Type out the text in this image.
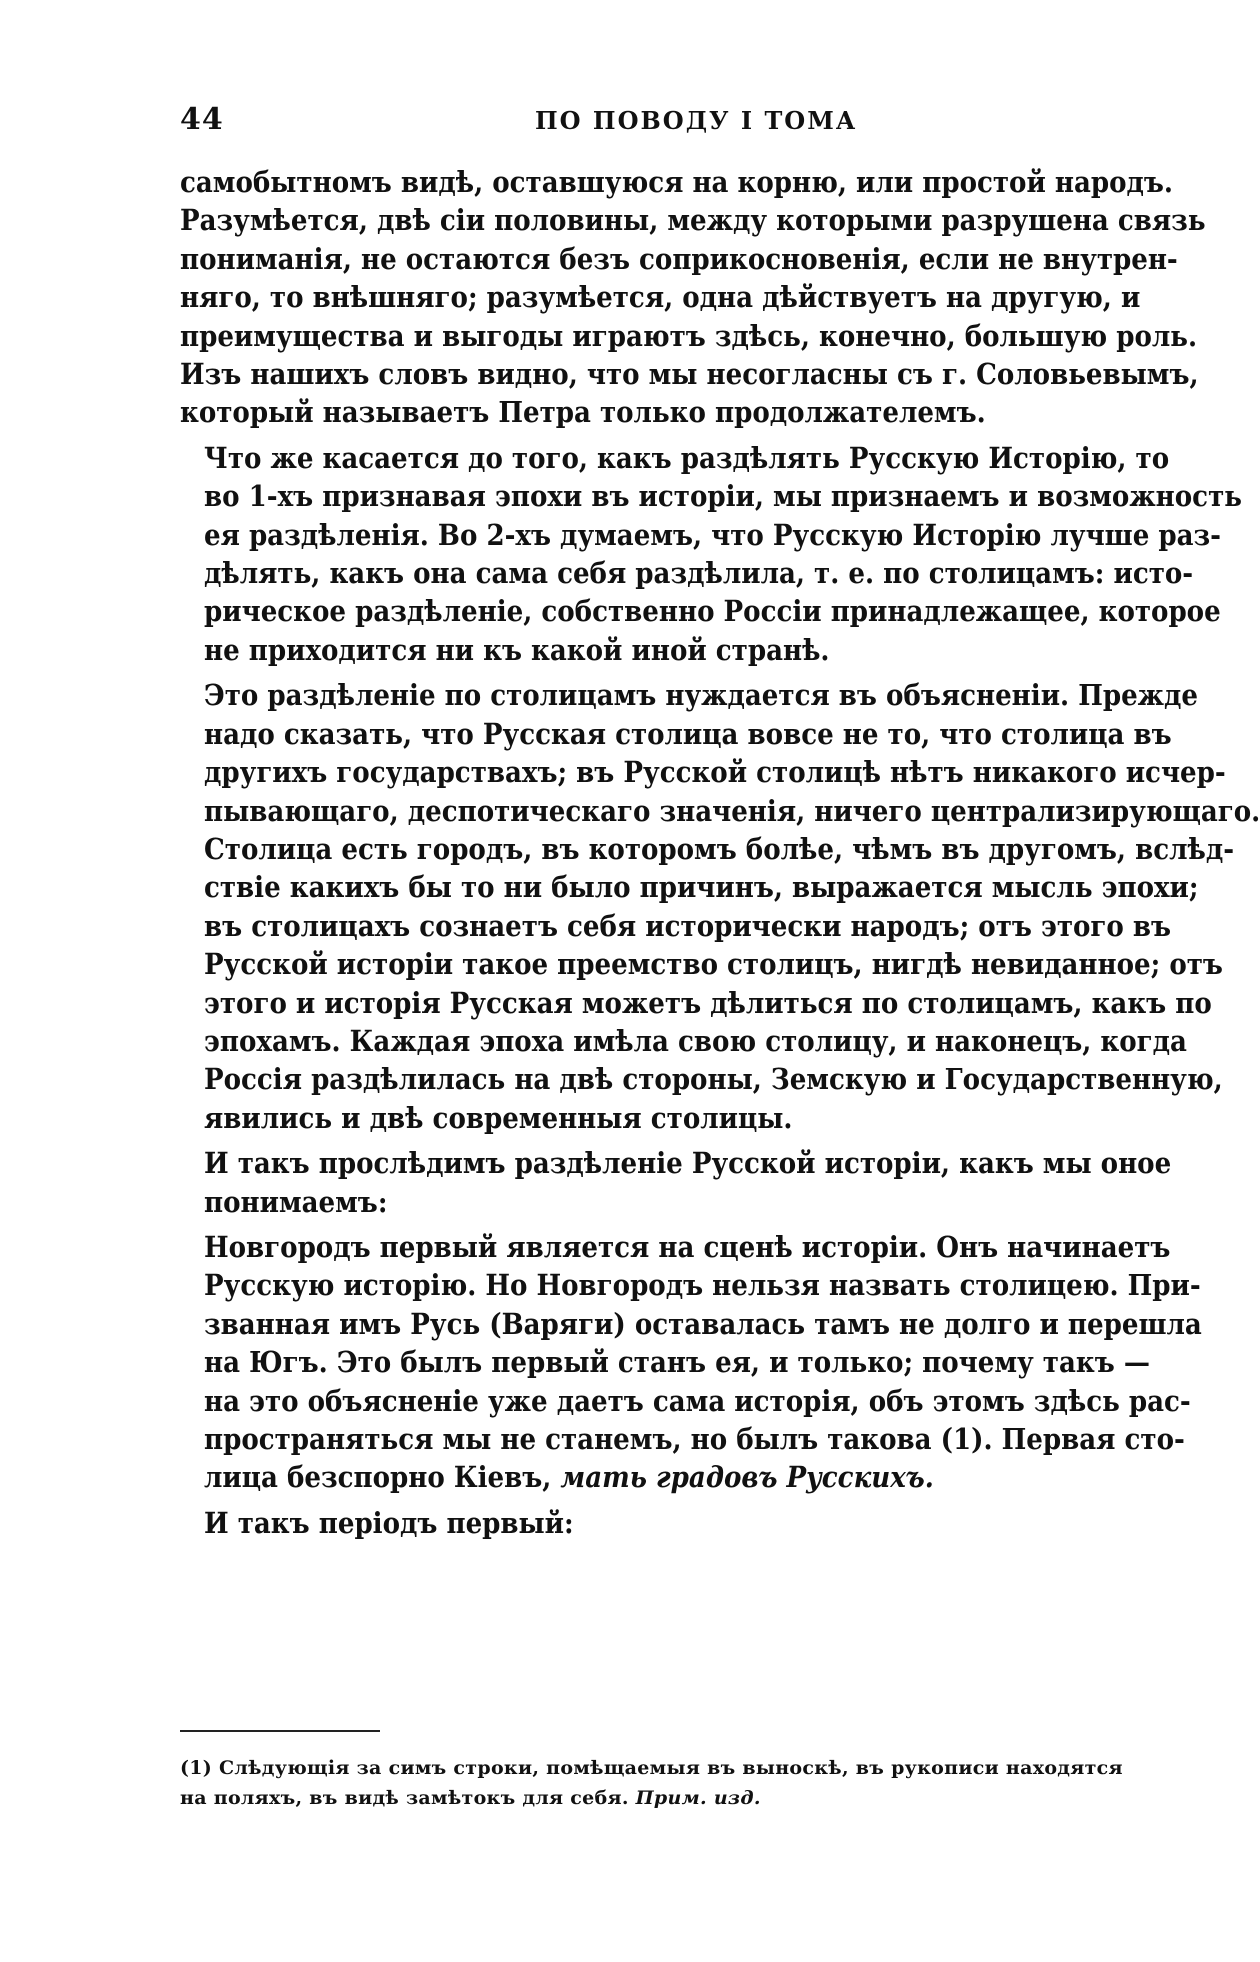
44	ПО ПОВОДУ I ТОМА

самобытномъ видѣ, оставшуюся на корню, или простой народъ.
Разумѣется, двѣ сіи половины, между которыми разрушена связь
пониманія, не остаются безъ соприкосновенія, если не внутрен-
няго, то внѣшняго; разумѣется, одна дѣйствуетъ на другую, и
преимущества и выгоды играютъ здѣсь, конечно, большую роль.
Изъ нашихъ словъ видно, что мы несогласны съ г. Соловьевымъ,
который называетъ Петра только продолжателемъ.

Что же касается до того, какъ раздѣлять Русскую Исторію, то
во 1-хъ признавая эпохи въ исторіи, мы признаемъ и возможность
ея раздѣленія. Во 2-хъ думаемъ, что Русскую Исторію лучше раз-
дѣлять, какъ она сама себя раздѣлила, т. е. по столицамъ: исто-
рическое раздѣленіе, собственно Россіи принадлежащее, которое
не приходится ни къ какой иной странѣ.

Это раздѣленіе по столицамъ нуждается въ объясненіи. Прежде
надо сказать, что Русская столица вовсе не то, что столица въ
другихъ государствахъ; въ Русской столицѣ нѣтъ никакого исчер-
пывающаго, деспотическаго значенія, ничего централизирующаго.
Столица есть городъ, въ которомъ болѣе, чѣмъ въ другомъ, вслѣд-
ствіе какихъ бы то ни было причинъ, выражается мысль эпохи;
въ столицахъ сознаетъ себя исторически народъ; отъ этого въ
Русской исторіи такое преемство столицъ, нигдѣ невиданное; отъ
этого и исторія Русская можетъ дѣлиться по столицамъ, какъ по
эпохамъ. Каждая эпоха имѣла свою столицу, и наконецъ, когда
Россія раздѣлилась на двѣ стороны, Земскую и Государственную,
явились и двѣ современныя столицы.

И такъ прослѣдимъ раздѣленіе Русской исторіи, какъ мы оное
понимаемъ:

Новгородъ первый является на сценѣ исторіи. Онъ начинаетъ
Русскую исторію. Но Новгородъ нельзя назвать столицею. При-
званная имъ Русь (Варяги) оставалась тамъ не долго и перешла
на Югъ. Это былъ первый станъ ея, и только; почему такъ —
на это объясненіе уже даетъ сама исторія, объ этомъ здѣсь рас-
пространяться мы не станемъ, но былъ такова (1). Первая сто-
лица безспорно Кіевъ, мать градовъ Русскихъ.

И такъ періодъ первый:

(1) Слѣдующія за симъ строки, помѣщаемыя въ выноскѣ, въ рукописи находятся
на поляхъ, въ видѣ замѣтокъ для себя. Прим. изд.
